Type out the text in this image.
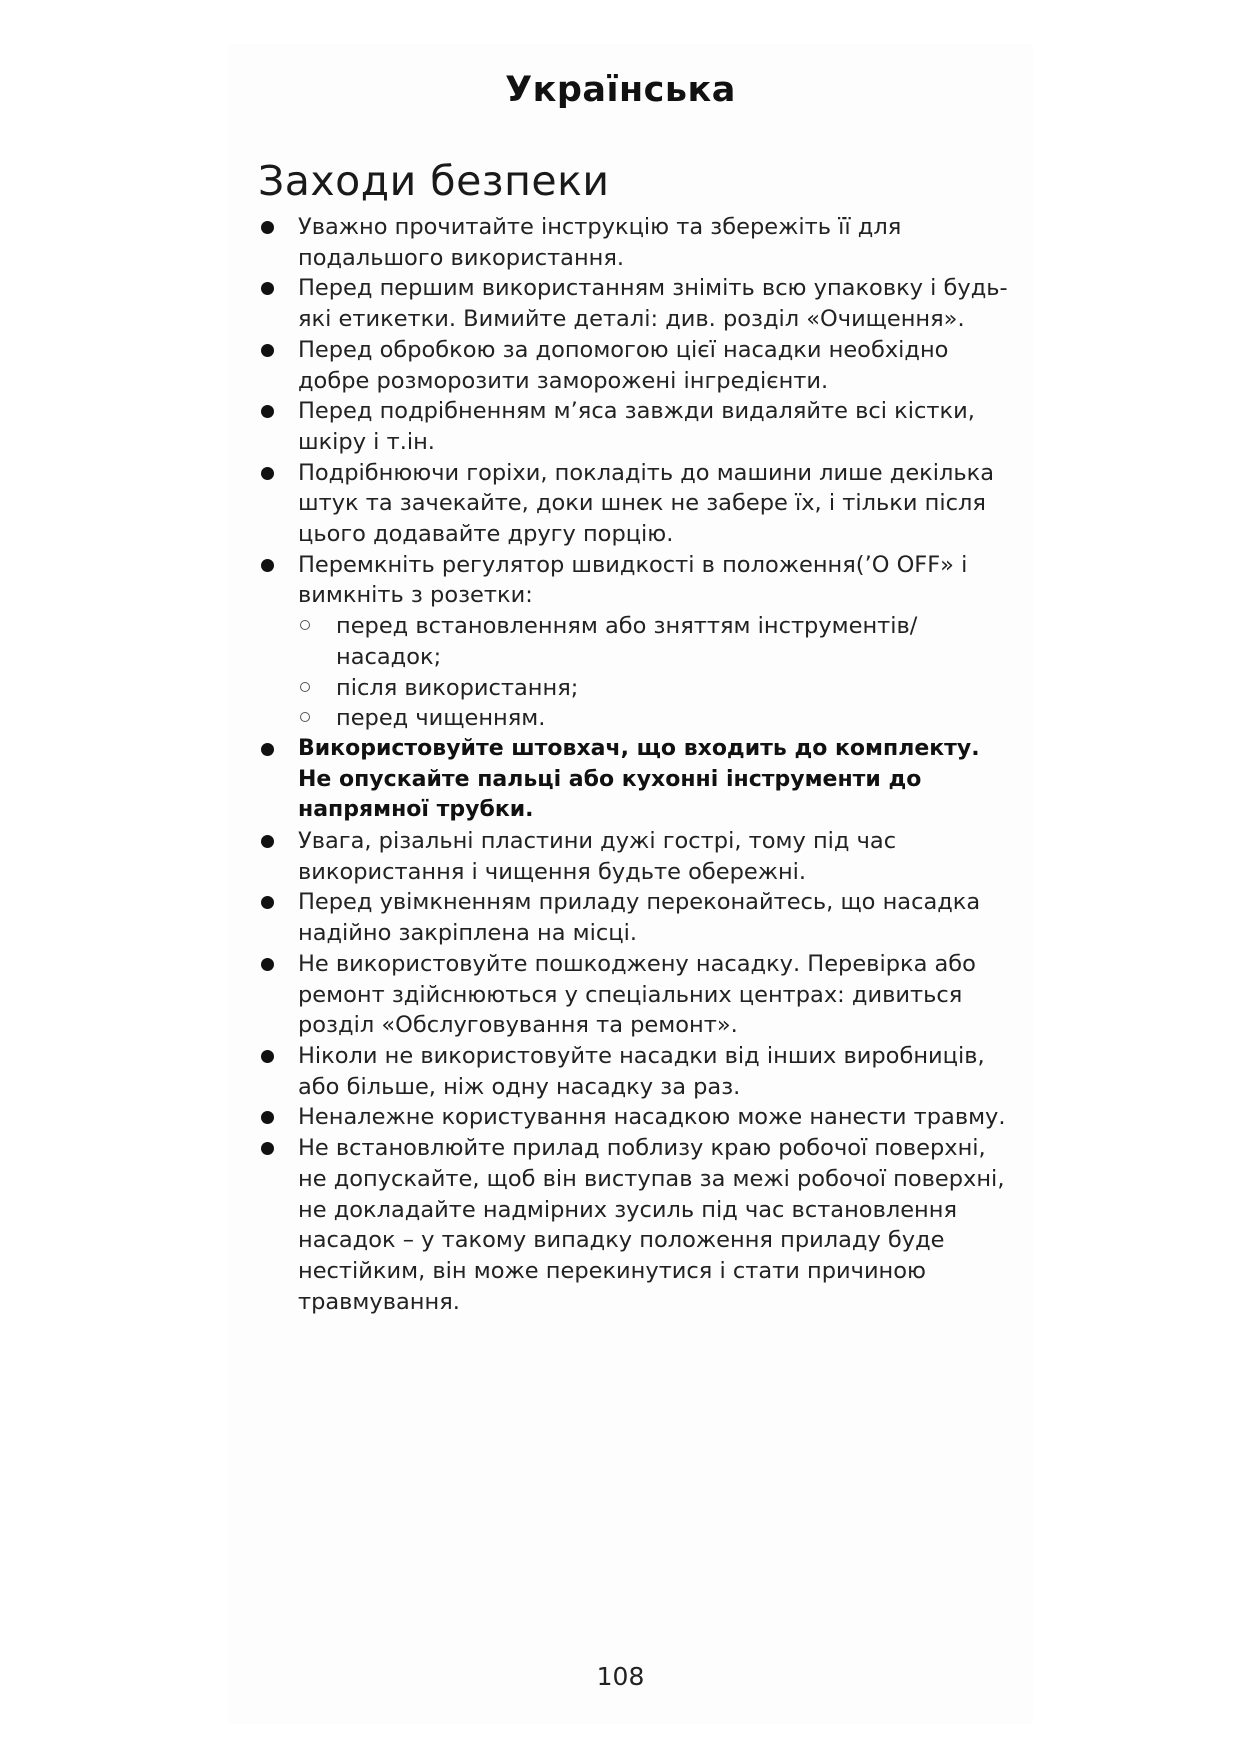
Українська
Заходи безпеки
Уважно прочитайте інструкцію та збережіть її для подальшого використання.
Перед першим використанням зніміть всю упаковку і будь-які етикетки. Вимийте деталі: див. розділ «Очищення».
Перед обробкою за допомогою цієї насадки необхідно добре розморозити заморожені інгредієнти.
Перед подрібненням м’яса завжди видаляйте всі кістки, шкіру і т.ін.
Подрібнюючи горіхи, покладіть до машини лише декілька штук та зачекайте, доки шнек не забере їх, і тільки після цього додавайте другу порцію.
Перемкніть регулятор швидкості в положення(’О OFF» і вимкніть з розетки:
перед встановленням або зняттям інструментів/ насадок;
після використання;
перед чищенням.
Використовуйте штовхач, що входить до комплекту. Не опускайте пальці або кухонні інструменти до напрямної трубки.
Увага, різальні пластини дужі гострі, тому під час використання і чищення будьте обережні.
Перед увімкненням приладу переконайтесь, що насадка надійно закріплена на місці.
Не використовуйте пошкоджену насадку. Перевірка або ремонт здійснюються у спеціальних центрах: дивиться розділ «Обслуговування та ремонт».
Ніколи не використовуйте насадки від інших виробниців, або більше, ніж одну насадку за раз.
Неналежне користування насадкою може нанести травму.
Не встановлюйте прилад поблизу краю робочої поверхні, не допускайте, щоб він виступав за межі робочої поверхні, не докладайте надмірних зусиль під час встановлення насадок – у такому випадку положення приладу буде нестійким, він може перекинутися і стати причиною травмування.
108
